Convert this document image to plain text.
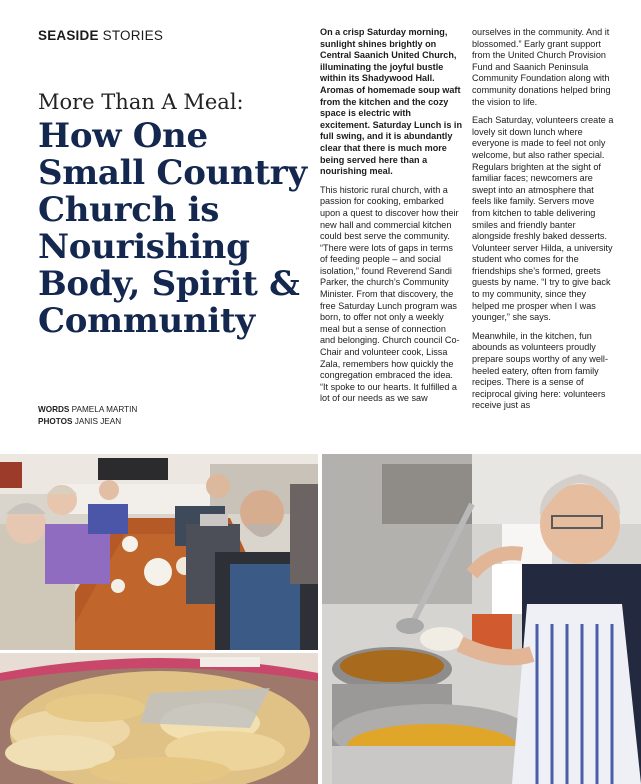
SEASIDE STORIES
More Than A Meal:
How One Small Country Church is Nourishing Body, Spirit & Community
WORDS PAMELA MARTIN
PHOTOS JANIS JEAN

On a crisp Saturday morning, sunlight shines brightly on Central Saanich United Church, illuminating the joyful bustle within its Shadywood Hall. Aromas of homemade soup waft from the kitchen and the cozy space is electric with excitement. Saturday Lunch is in full swing, and it is abundantly clear that there is much more being served here than a nourishing meal.

This historic rural church, with a passion for cooking, embarked upon a quest to discover how their new hall and commercial kitchen could best serve the community. “There were lots of gaps in terms of feeding people – and social isolation,” found Reverend Sandi Parker, the church’s Community Minister. From that discovery, the free Saturday Lunch program was born, to offer not only a weekly meal but a sense of connection and belonging. Church council Co-Chair and volunteer cook, Lissa Zala, remembers how quickly the congregation embraced the idea. “It spoke to our hearts. It fulfilled a lot of our needs as we saw

ourselves in the community. And it blossomed.” Early grant support from the United Church Provision Fund and Saanich Peninsula Community Foundation along with community donations helped bring the vision to life.

Each Saturday, volunteers create a lovely sit down lunch where everyone is made to feel not only welcome, but also rather special. Regulars brighten at the sight of familiar faces; newcomers are swept into an atmosphere that feels like family. Servers move from kitchen to table delivering smiles and friendly banter alongside freshly baked desserts. Volunteer server Hilda, a university student who comes for the friendships she’s formed, greets guests by name. “I try to give back to my community, since they helped me prosper when I was younger,” she says.

Meanwhile, in the kitchen, fun abounds as volunteers proudly prepare soups worthy of any well-heeled eatery, often from family recipes. There is a sense of reciprocal giving here: volunteers receive just as
